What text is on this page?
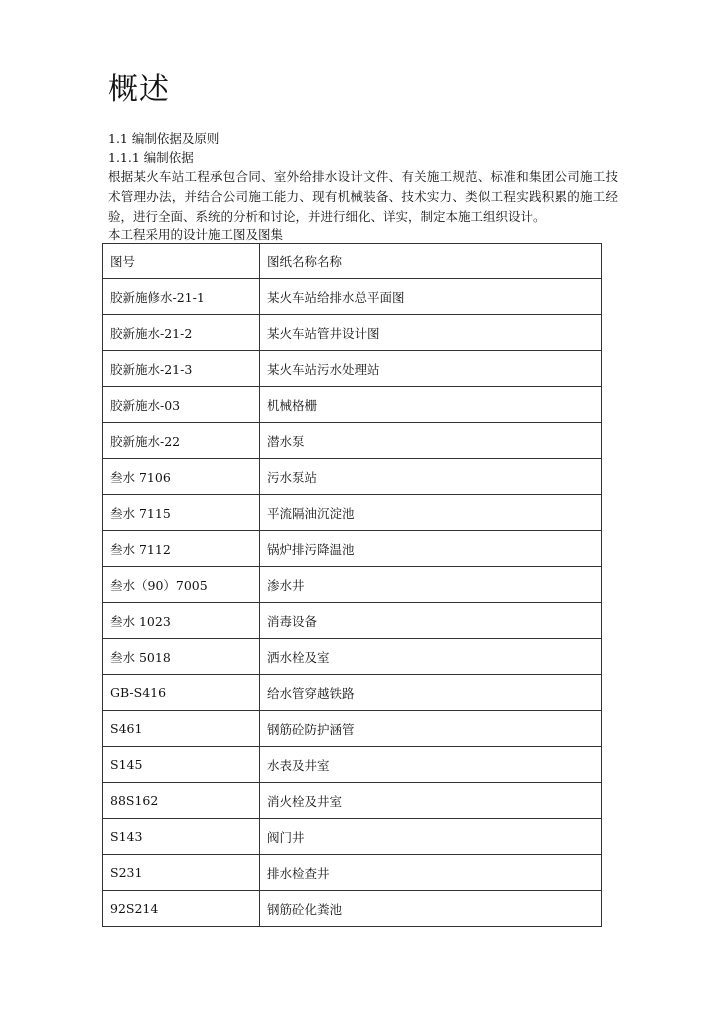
概述

1.1 编制依据及原则

1.1.1 编制依据

根据某火车站工程承包合同、室外给排水设计文件、有关施工规范、标准和集团公司施工技术管理办法，并结合公司施工能力、现有机械装备、技术实力、类似工程实践积累的施工经验，进行全面、系统的分析和讨论，并进行细化、详实，制定本施工组织设计。

本工程采用的设计施工图及图集

图号	图纸名称名称
胶新施修水-21-1	某火车站给排水总平面图
胶新施水-21-2	某火车站管井设计图
胶新施水-21-3	某火车站污水处理站
胶新施水-03	机械格栅
胶新施水-22	潜水泵
叁水 7106	污水泵站
叁水 7115	平流隔油沉淀池
叁水 7112	锅炉排污降温池
叁水（90）7005	渗水井
叁水 1023	消毒设备
叁水 5018	洒水栓及室
GB-S416	给水管穿越铁路
S461	钢筋砼防护涵管
S145	水表及井室
88S162	消火栓及井室
S143	阀门井
S231	排水检查井
92S214	钢筋砼化粪池
